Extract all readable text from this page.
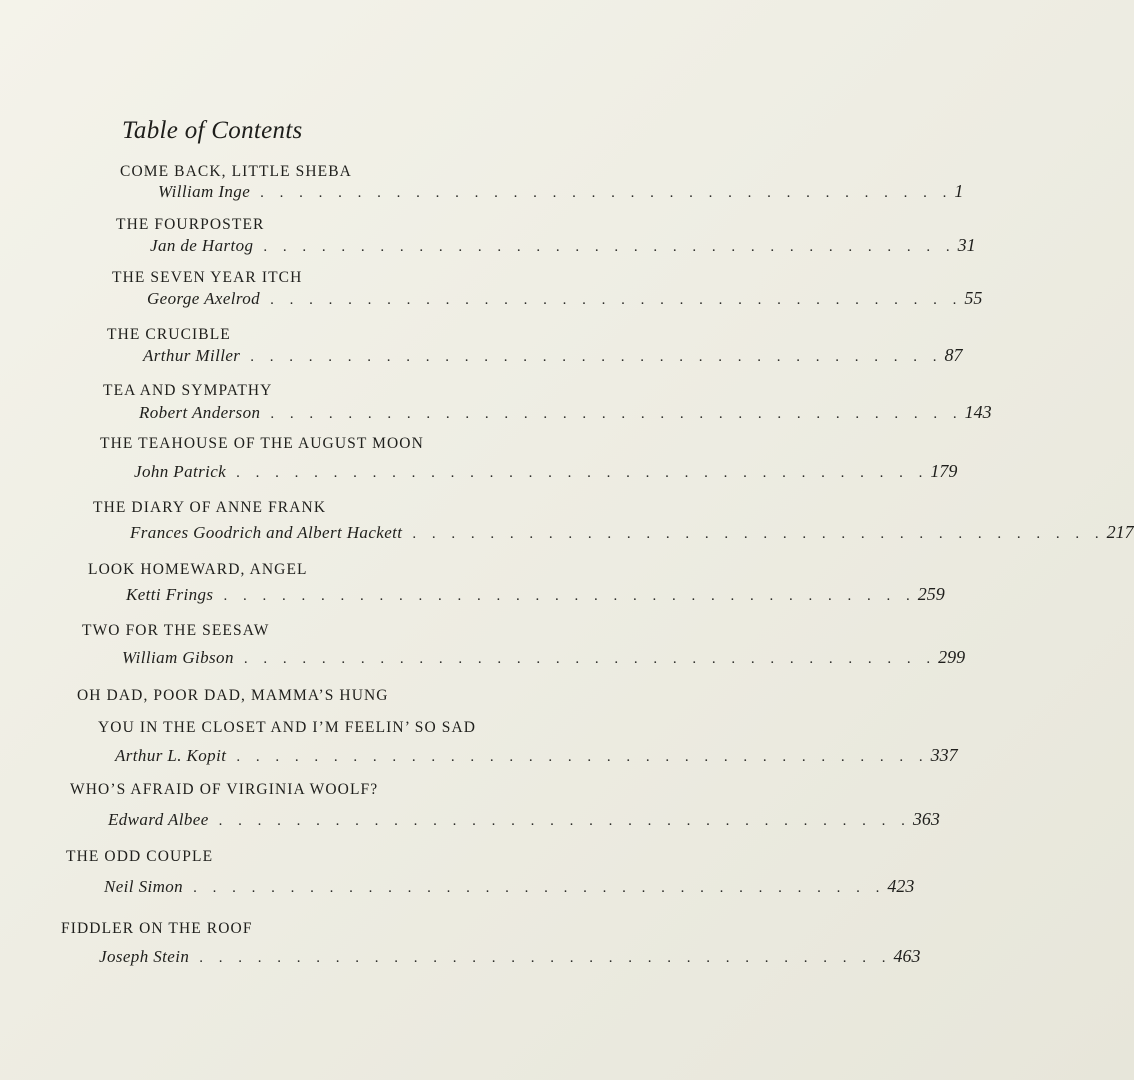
Table of Contents
COME BACK, LITTLE SHEBA
William Inge . . . . . . . . . . . . . . . . . . . . . . . . . . . . . . . . . . . . 1
THE FOURPOSTER
Jan de Hartog . . . . . . . . . . . . . . . . . . . . . . . . . . . . . . . . . . . . 31
THE SEVEN YEAR ITCH
George Axelrod . . . . . . . . . . . . . . . . . . . . . . . . . . . . . . . . . . . . 55
THE CRUCIBLE
Arthur Miller . . . . . . . . . . . . . . . . . . . . . . . . . . . . . . . . . . . . 87
TEA AND SYMPATHY
Robert Anderson . . . . . . . . . . . . . . . . . . . . . . . . . . . . . . . . . . . . 143
THE TEAHOUSE OF THE AUGUST MOON
John Patrick . . . . . . . . . . . . . . . . . . . . . . . . . . . . . . . . . . . . 179
THE DIARY OF ANNE FRANK
Frances Goodrich and Albert Hackett . . . . . . . . . . . . . . . . . . . . . . . . . . . . . . . . . . . . 217
LOOK HOMEWARD, ANGEL
Ketti Frings . . . . . . . . . . . . . . . . . . . . . . . . . . . . . . . . . . . . 259
TWO FOR THE SEESAW
William Gibson . . . . . . . . . . . . . . . . . . . . . . . . . . . . . . . . . . . . 299
OH DAD, POOR DAD, MAMMA’S HUNG
YOU IN THE CLOSET AND I’M FEELIN’ SO SAD
Arthur L. Kopit . . . . . . . . . . . . . . . . . . . . . . . . . . . . . . . . . . . . 337
WHO’S AFRAID OF VIRGINIA WOOLF?
Edward Albee . . . . . . . . . . . . . . . . . . . . . . . . . . . . . . . . . . . . 363
THE ODD COUPLE
Neil Simon . . . . . . . . . . . . . . . . . . . . . . . . . . . . . . . . . . . . 423
FIDDLER ON THE ROOF
Joseph Stein . . . . . . . . . . . . . . . . . . . . . . . . . . . . . . . . . . . . 463
